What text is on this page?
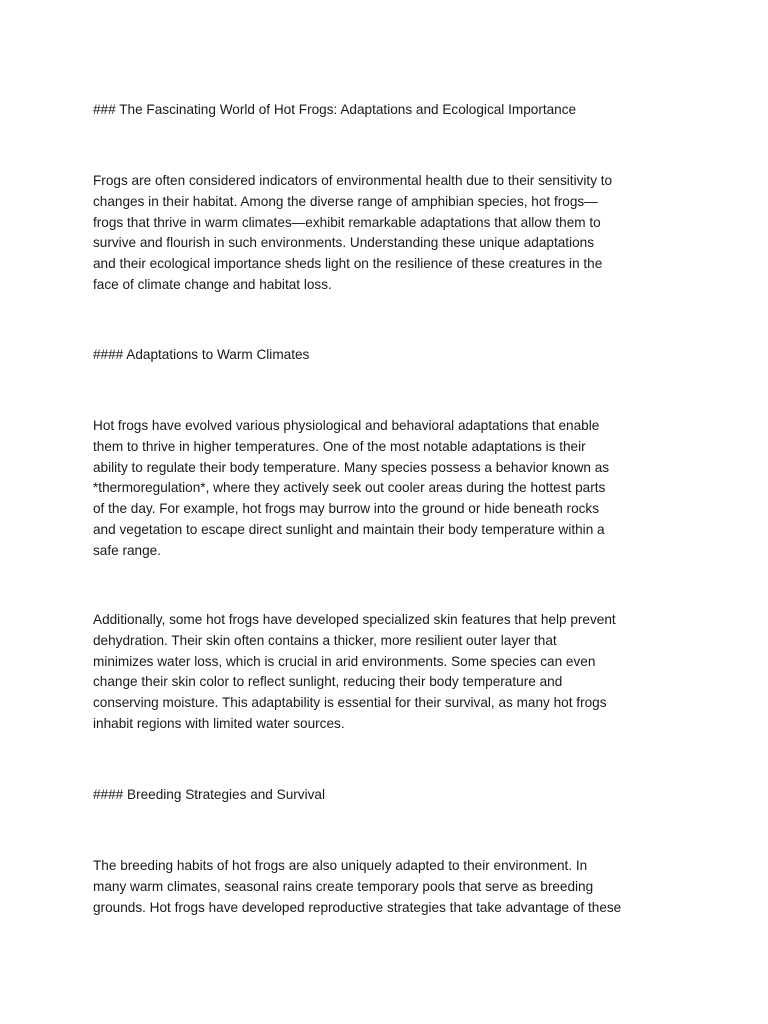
### The Fascinating World of Hot Frogs: Adaptations and Ecological Importance

Frogs are often considered indicators of environmental health due to their sensitivity to
changes in their habitat. Among the diverse range of amphibian species, hot frogs—
frogs that thrive in warm climates—exhibit remarkable adaptations that allow them to
survive and flourish in such environments. Understanding these unique adaptations
and their ecological importance sheds light on the resilience of these creatures in the
face of climate change and habitat loss.

#### Adaptations to Warm Climates

Hot frogs have evolved various physiological and behavioral adaptations that enable
them to thrive in higher temperatures. One of the most notable adaptations is their
ability to regulate their body temperature. Many species possess a behavior known as
*thermoregulation*, where they actively seek out cooler areas during the hottest parts
of the day. For example, hot frogs may burrow into the ground or hide beneath rocks
and vegetation to escape direct sunlight and maintain their body temperature within a
safe range.

Additionally, some hot frogs have developed specialized skin features that help prevent
dehydration. Their skin often contains a thicker, more resilient outer layer that
minimizes water loss, which is crucial in arid environments. Some species can even
change their skin color to reflect sunlight, reducing their body temperature and
conserving moisture. This adaptability is essential for their survival, as many hot frogs
inhabit regions with limited water sources.

#### Breeding Strategies and Survival

The breeding habits of hot frogs are also uniquely adapted to their environment. In
many warm climates, seasonal rains create temporary pools that serve as breeding
grounds. Hot frogs have developed reproductive strategies that take advantage of these
